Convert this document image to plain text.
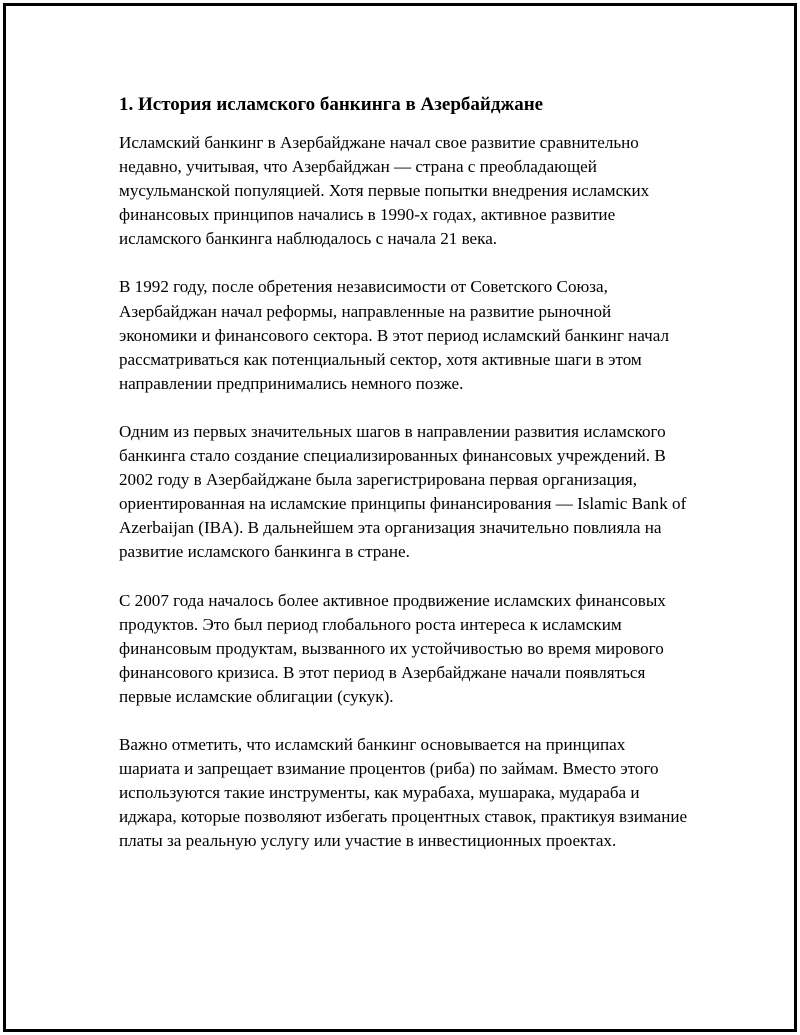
1. История исламского банкинга в Азербайджане

Исламский банкинг в Азербайджане начал свое развитие сравнительно недавно, учитывая, что Азербайджан — страна с преобладающей мусульманской популяцией. Хотя первые попытки внедрения исламских финансовых принципов начались в 1990-х годах, активное развитие исламского банкинга наблюдалось с начала 21 века.

В 1992 году, после обретения независимости от Советского Союза, Азербайджан начал реформы, направленные на развитие рыночной экономики и финансового сектора. В этот период исламский банкинг начал рассматриваться как потенциальный сектор, хотя активные шаги в этом направлении предпринимались немного позже.

Одним из первых значительных шагов в направлении развития исламского банкинга стало создание специализированных финансовых учреждений. В 2002 году в Азербайджане была зарегистрирована первая организация, ориентированная на исламские принципы финансирования — Islamic Bank of Azerbaijan (IBA). В дальнейшем эта организация значительно повлияла на развитие исламского банкинга в стране.

С 2007 года началось более активное продвижение исламских финансовых продуктов. Это был период глобального роста интереса к исламским финансовым продуктам, вызванного их устойчивостью во время мирового финансового кризиса. В этот период в Азербайджане начали появляться первые исламские облигации (сукук).

Важно отметить, что исламский банкинг основывается на принципах шариата и запрещает взимание процентов (риба) по займам. Вместо этого используются такие инструменты, как мурабаха, мушарака, мудараба и иджара, которые позволяют избегать процентных ставок, практикуя взимание платы за реальную услугу или участие в инвестиционных проектах.
